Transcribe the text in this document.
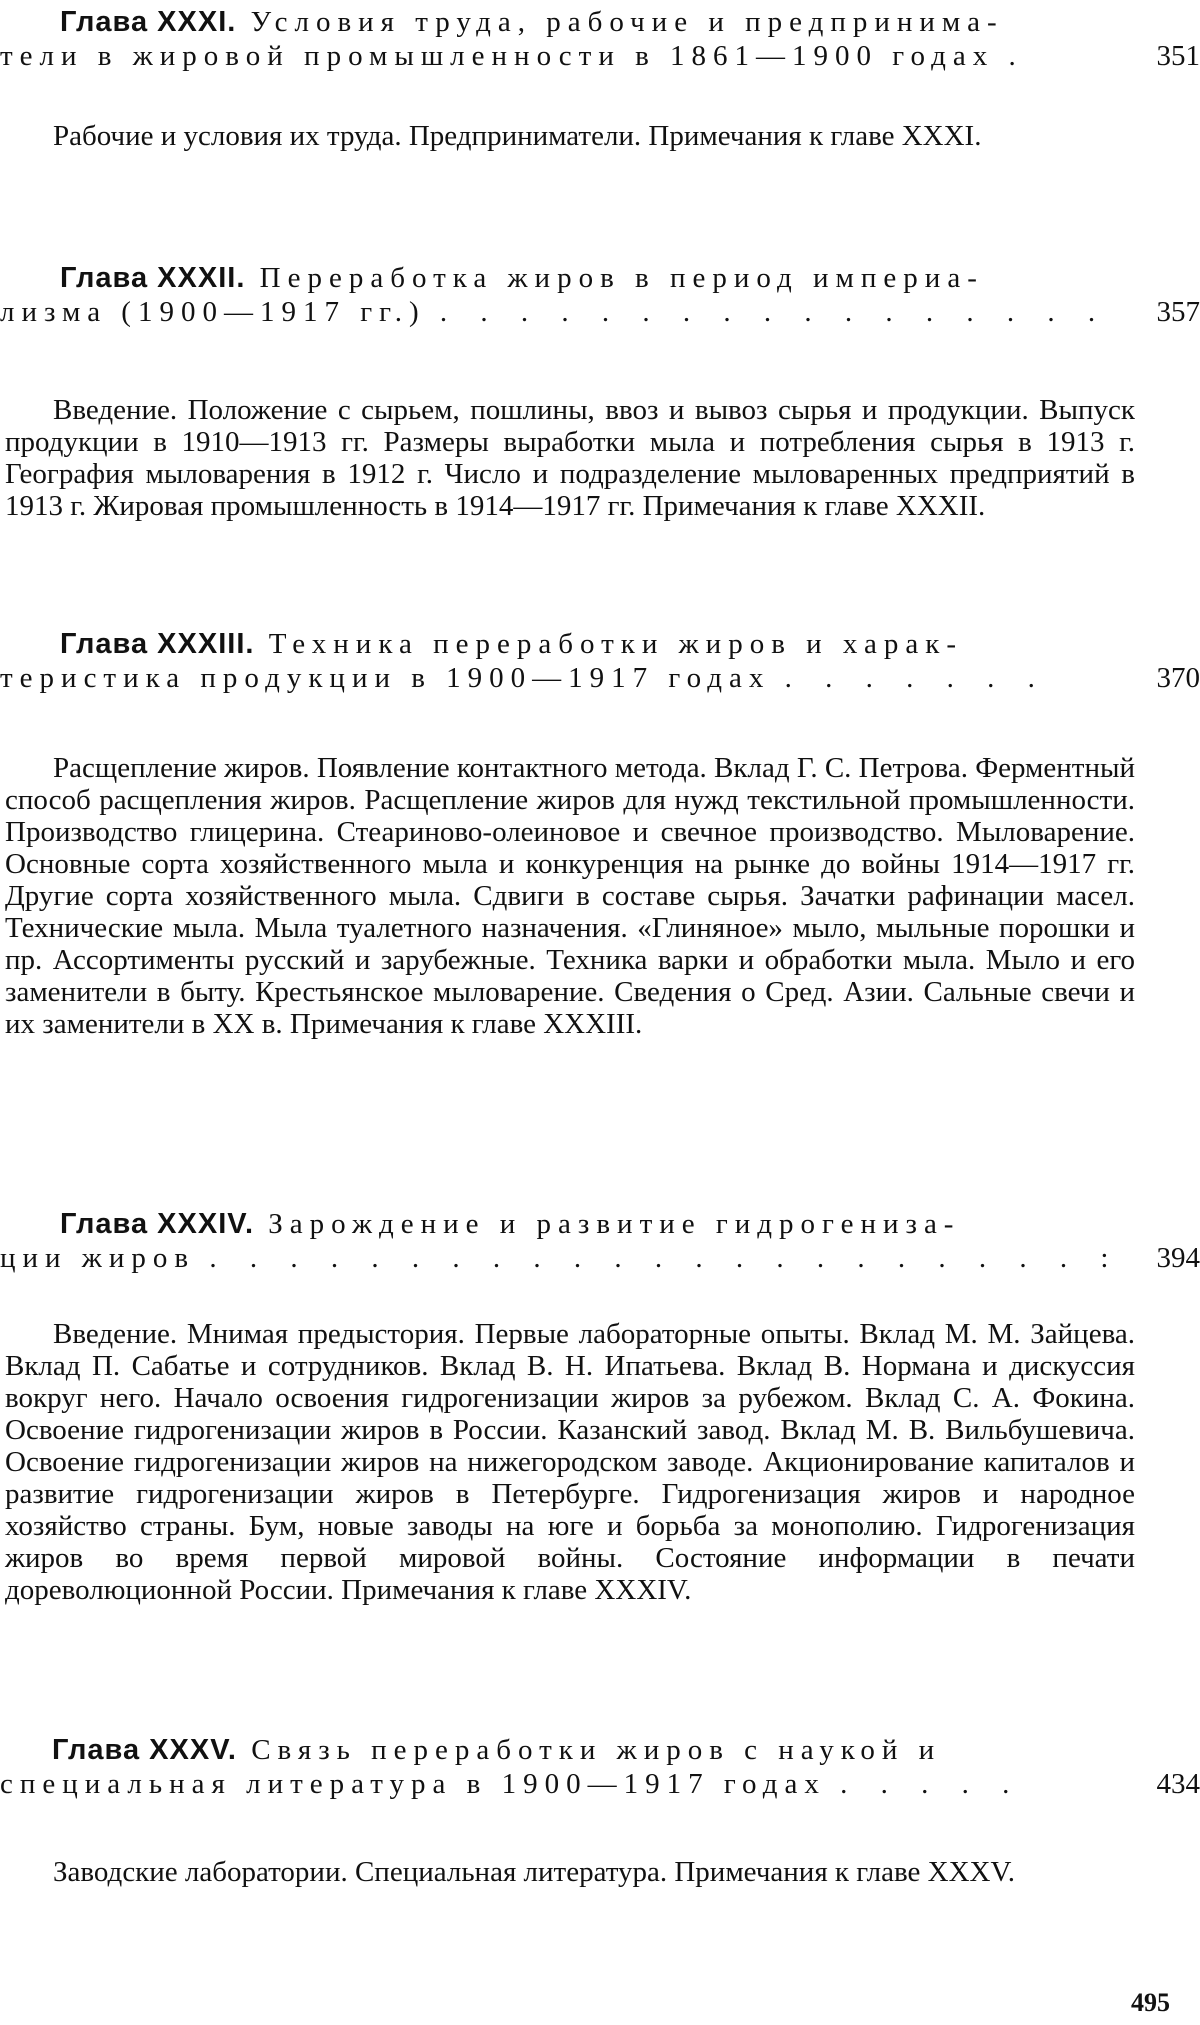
Глава XXXI. Условия труда, рабочие и предпринима-
тели в жировой промышленности в 1861—1900 годах .	351
Рабочие и условия их труда. Предприниматели. Примечания к главе XXXI.
Глава XXXII. Переработка жиров в период империа-
лизма (1900—1917 гг.) . . . . . . . . . . . . . . . . . 357
Введение. Положение с сырьем, пошлины, ввоз и вывоз сырья и продукции. Выпуск продукции в 1910—1913 гг. Размеры выработки мыла и потребления сырья в 1913 г. География мыловарения в 1912 г. Число и подразделение мыловаренных предприятий в 1913 г. Жировая промышленность в 1914—1917 гг. Примечания к главе XXXII.
Глава XXXIII. Техника переработки жиров и харак-
теристика продукции в 1900—1917 годах . . . . . . .	370
Расщепление жиров. Появление контактного метода. Вклад Г. С. Петрова. Ферментный способ расщепления жиров. Расщепление жиров для нужд текстильной промышленности. Производство глицерина. Стеариново-олеиновое и свечное производство. Мыловарение. Основные сорта хозяйственного мыла и конкуренция на рынке до войны 1914—1917 гг. Другие сорта хозяйственного мыла. Сдвиги в составе сырья. Зачатки рафинации масел. Технические мыла. Мыла туалетного назначения. «Глиняное» мыло, мыльные порошки и пр. Ассортименты русский и зарубежные. Техника варки и обработки мыла. Мыло и его заменители в быту. Крестьянское мыловарение. Сведения о Сред. Азии. Сальные свечи и их заменители в XX в. Примечания к главе XXXIII.
Глава XXXIV. Зарождение и развитие гидрогениза-
ции жиров . . . . . . . . . . . . . . . . . . . . . . : 394
Введение. Мнимая предыстория. Первые лабораторные опыты. Вклад М. М. Зайцева. Вклад П. Сабатье и сотрудников. Вклад В. Н. Ипатьева. Вклад В. Нормана и дискуссия вокруг него. Начало освоения гидрогенизации жиров за рубежом. Вклад С. А. Фокина. Освоение гидрогенизации жиров в России. Казанский завод. Вклад М. В. Вильбушевича. Освоение гидрогенизации жиров на нижегородском заводе. Акционирование капиталов и развитие гидрогенизации жиров в Петербурге. Гидрогенизация жиров и народное хозяйство страны. Бум, новые заводы на юге и борьба за монополию. Гидрогенизация жиров во время первой мировой войны. Состояние информации в печати дореволюционной России. Примечания к главе XXXIV.
Глава XXXV. Связь переработки жиров с наукой и
специальная литература в 1900—1917 годах . . . . .	434
Заводские лаборатории. Специальная литература. Примечания к главе XXXV.
495
